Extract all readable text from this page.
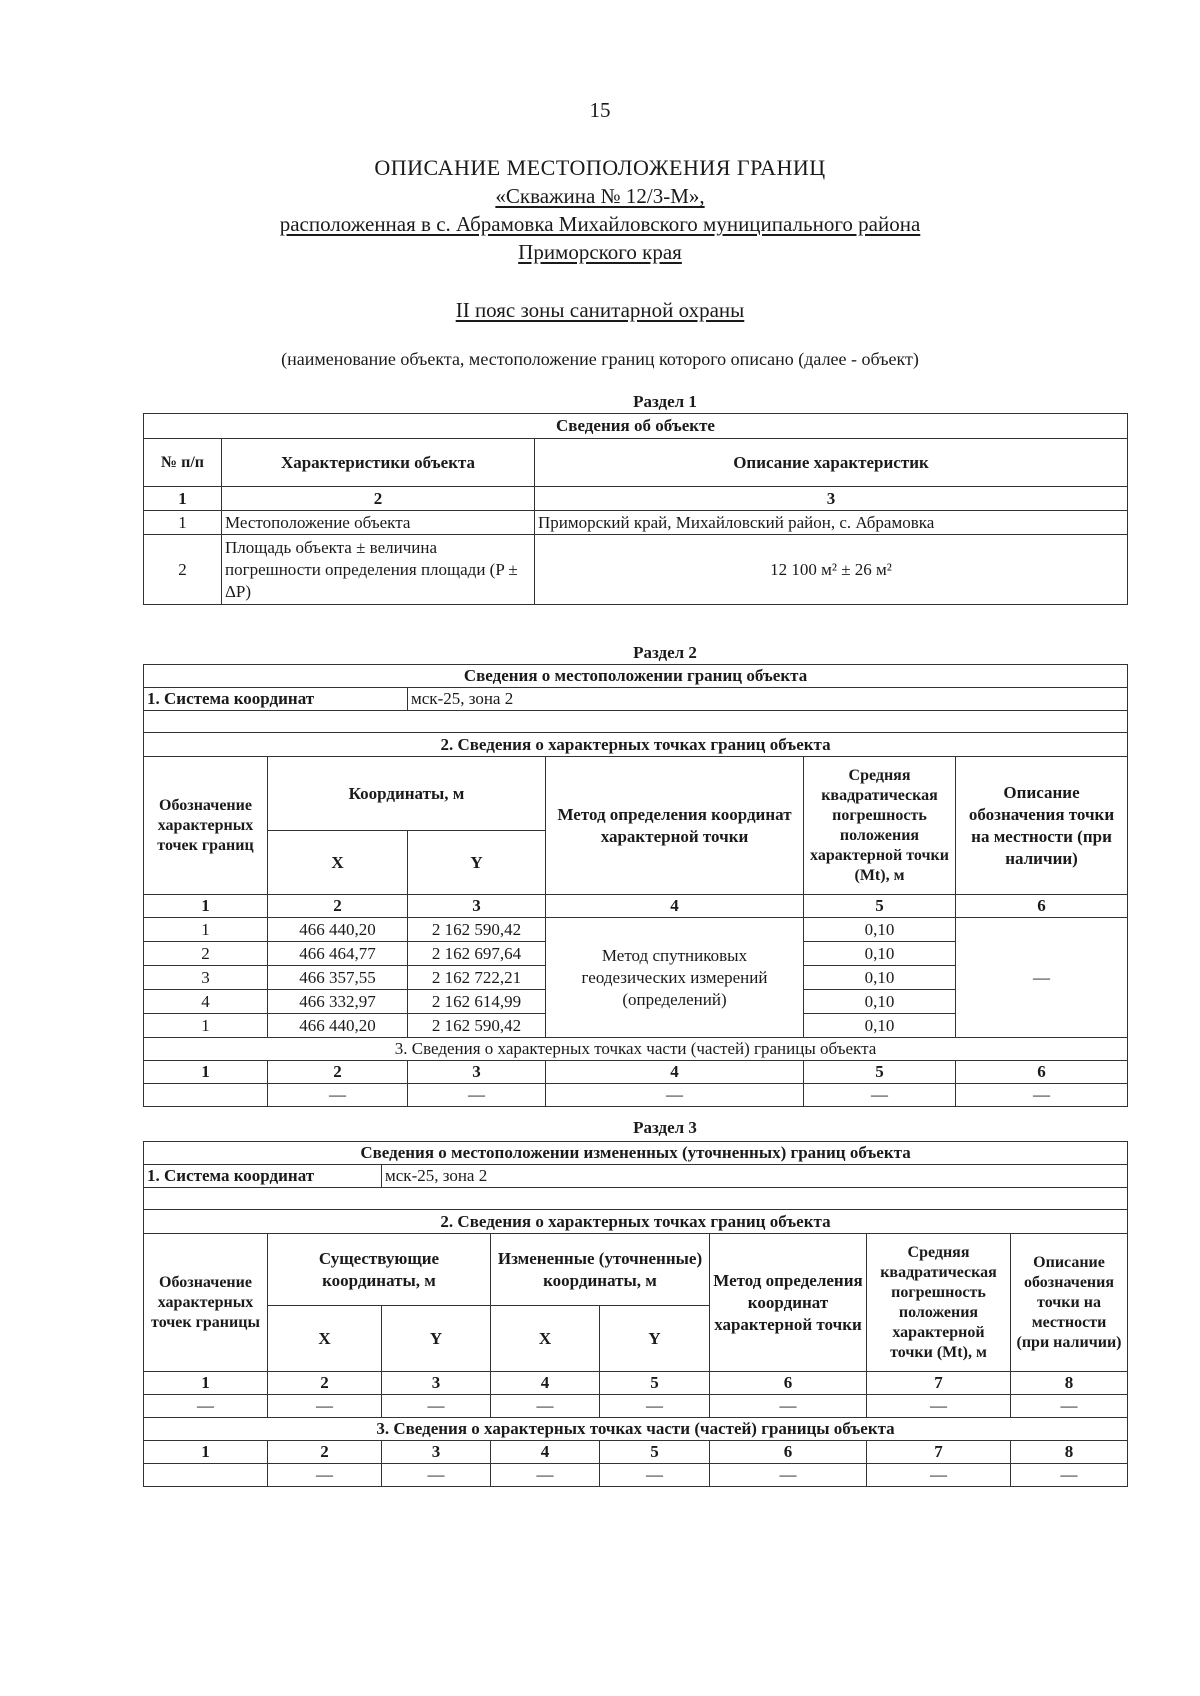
15
ОПИСАНИЕ МЕСТОПОЛОЖЕНИЯ ГРАНИЦ
«Скважина № 12/3-М»,
расположенная в с. Абрамовка Михайловского муниципального района
Приморского края
II пояс зоны санитарной охраны
(наименование объекта, местоположение границ которого описано (далее - объект)
Раздел 1
Сведения об объекте		
№ п/п	Характеристики объекта	Описание характеристик
1	2	3
1	Местоположение объекта	Приморский край, Михайловский район, с. Абрамовка
2	Площадь объекта ± величина погрешности определения площади (P ± ΔP)	12 100 м² ± 26 м²
Раздел 2
Сведения о местоположении границ объекта					
1. Система координат		мск-25, зона 2			

2. Сведения о характерных точках границ объекта					
Обозначение характерных точек границ	Координаты, м		Метод определения координат характерной точки	Средняя квадратическая погрешность положения характерной точки (Mt), м	Описание обозначения точки на местности (при наличии)
	X	Y			
1	2	3	4	5	6
1	466 440,20	2 162 590,42	Метод спутниковых геодезических измерений (определений)	0,10	—
2	466 464,77	2 162 697,64		0,10	
3	466 357,55	2 162 722,21		0,10	
4	466 332,97	2 162 614,99		0,10	
1	466 440,20	2 162 590,42		0,10	
3. Сведения о характерных точках части (частей) границы объекта					
1	2	3	4	5	6
	—	—	—	—	—
Раздел 3
Сведения о местоположении измененных (уточненных) границ объекта							
1. Система координат		мск-25, зона 2					

2. Сведения о характерных точках границ объекта							
Обозначение характерных точек границы	Существующие координаты, м		Измененные (уточненные) координаты, м		Метод определения координат характерной точки	Средняя квадратическая погрешность положения характерной точки (Mt), м	Описание обозначения точки на местности (при наличии)
	X	Y	X	Y			
1	2	3	4	5	6	7	8
—	—	—	—	—	—	—	—
3. Сведения о характерных точках части (частей) границы объекта							
1	2	3	4	5	6	7	8
	—	—	—	—	—	—	—
